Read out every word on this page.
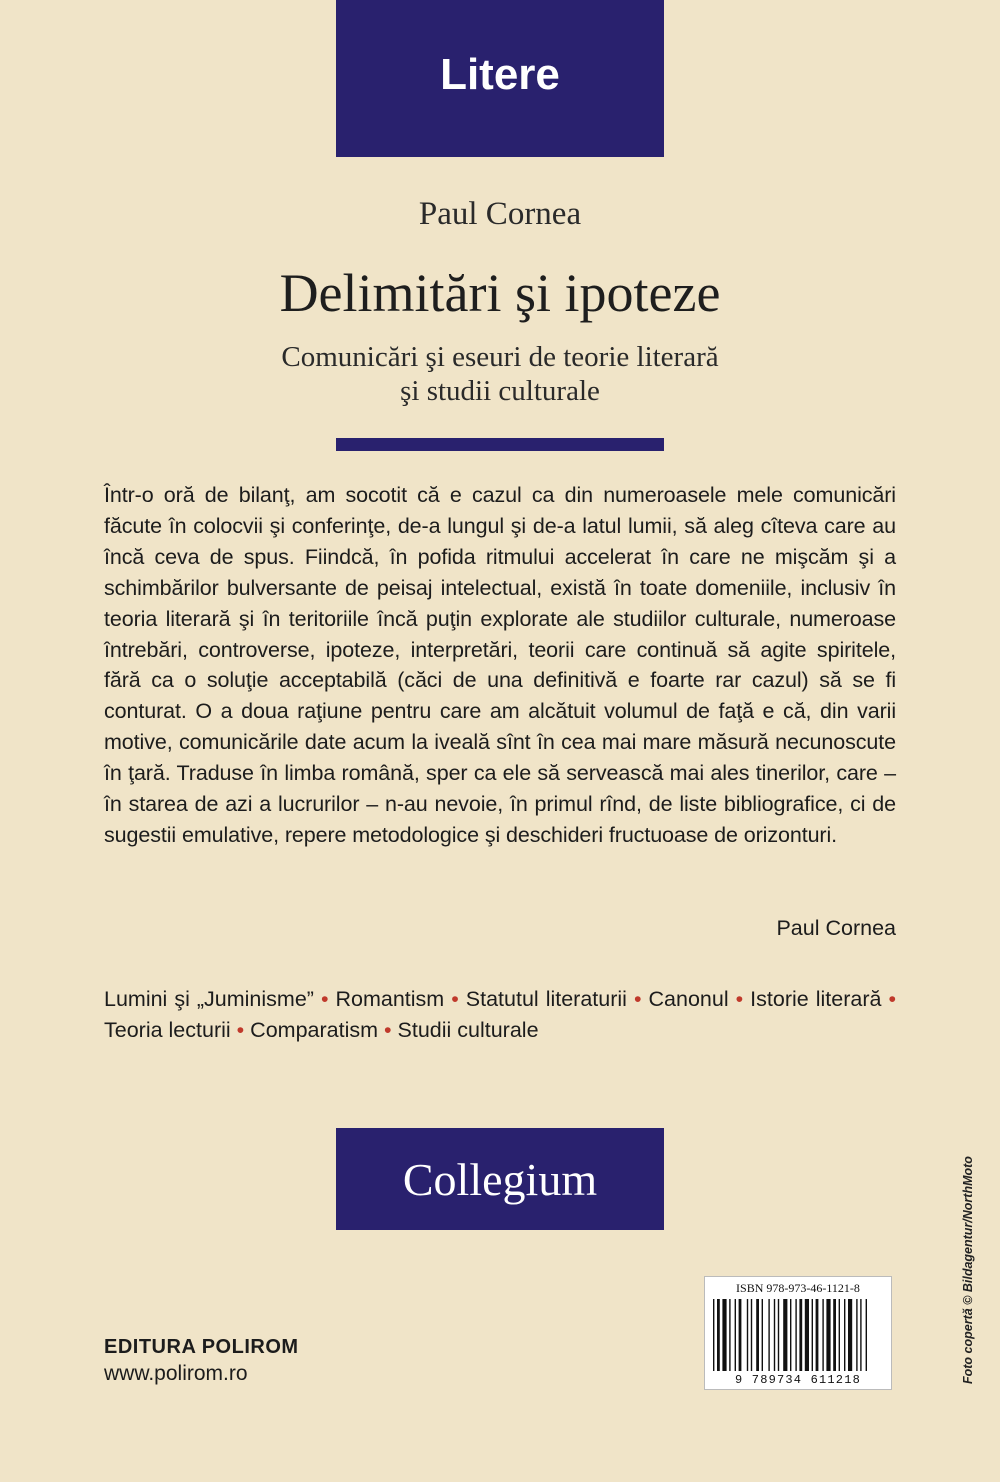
Litere
Paul Cornea
Delimitări şi ipoteze
Comunicări şi eseuri de teorie literară
şi studii culturale
Într-o oră de bilanţ, am socotit că e cazul ca din numeroasele mele comunicări făcute în colocvii şi conferinţe, de-a lungul şi de-a latul lumii, să aleg cîteva care au încă ceva de spus. Fiindcă, în pofida ritmului accelerat în care ne mişcăm şi a schimbărilor bulversante de peisaj intelectual, există în toate domeniile, inclusiv în teoria literară şi în teritoriile încă puţin explorate ale studiilor culturale, numeroase întrebări, controverse, ipoteze, interpretări, teorii care continuă să agite spiritele, fără ca o soluţie acceptabilă (căci de una definitivă e foarte rar cazul) să se fi conturat. O a doua raţiune pentru care am alcătuit volumul de faţă e că, din varii motive, comunicările date acum la iveală sînt în cea mai mare măsură necunoscute în ţară. Traduse în limba română, sper ca ele să servească mai ales tinerilor, care – în starea de azi a lucrurilor – n-au nevoie, în primul rînd, de liste bibliografice, ci de sugestii emulative, repere metodologice şi deschideri fructuoase de orizonturi.
Paul Cornea
Lumini şi „Juminisme” • Romantism • Statutul literaturii • Canonul • Istorie literară • Teoria lecturii • Comparatism • Studii culturale
Collegium
EDITURA POLIROM
www.polirom.ro
ISBN 978-973-46-1121-8
9 789734 611218	Foto copertă © Bildagentur/NorthMoto
